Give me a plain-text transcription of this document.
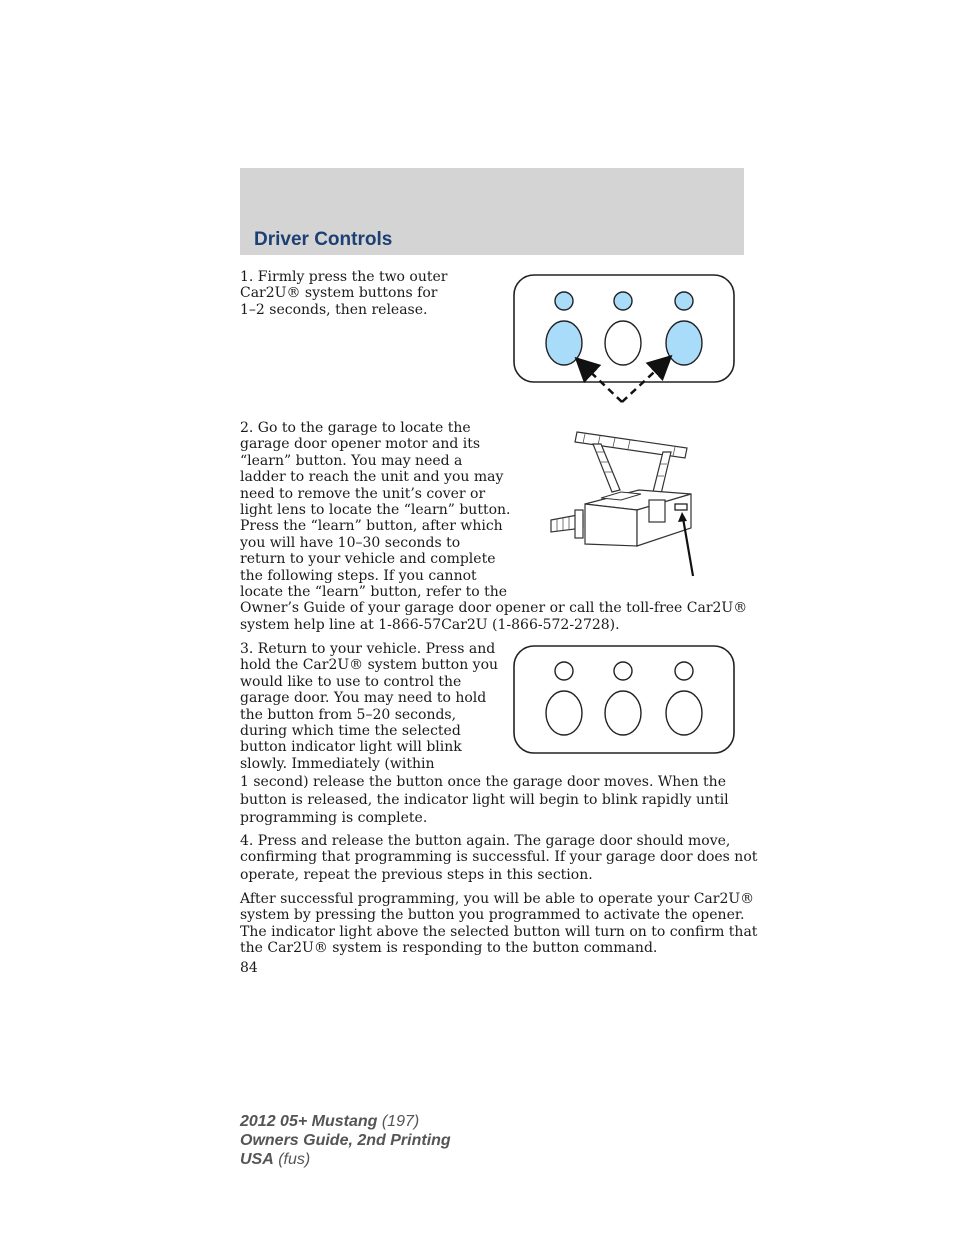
Driver Controls
1. Firmly press the two outer
Car2U® system buttons for
1–2 seconds, then release.
2. Go to the garage to locate the
garage door opener motor and its
“learn” button. You may need a
ladder to reach the unit and you may
need to remove the unit’s cover or
light lens to locate the “learn” button.
Press the “learn” button, after which
you will have 10–30 seconds to
return to your vehicle and complete
the following steps. If you cannot
locate the “learn” button, refer to the
Owner’s Guide of your garage door opener or call the toll-free Car2U®
system help line at 1-866-57Car2U (1-866-572-2728).
3. Return to your vehicle. Press and
hold the Car2U® system button you
would like to use to control the
garage door. You may need to hold
the button from 5–20 seconds,
during which time the selected
button indicator light will blink
slowly. Immediately (within
1 second) release the button once the garage door moves. When the
button is released, the indicator light will begin to blink rapidly until
programming is complete.
4. Press and release the button again. The garage door should move,
confirming that programming is successful. If your garage door does not
operate, repeat the previous steps in this section.
After successful programming, you will be able to operate your Car2U®
system by pressing the button you programmed to activate the opener.
The indicator light above the selected button will turn on to confirm that
the Car2U® system is responding to the button command.
84
2012 05+ Mustang (197)
Owners Guide, 2nd Printing
USA (fus)
